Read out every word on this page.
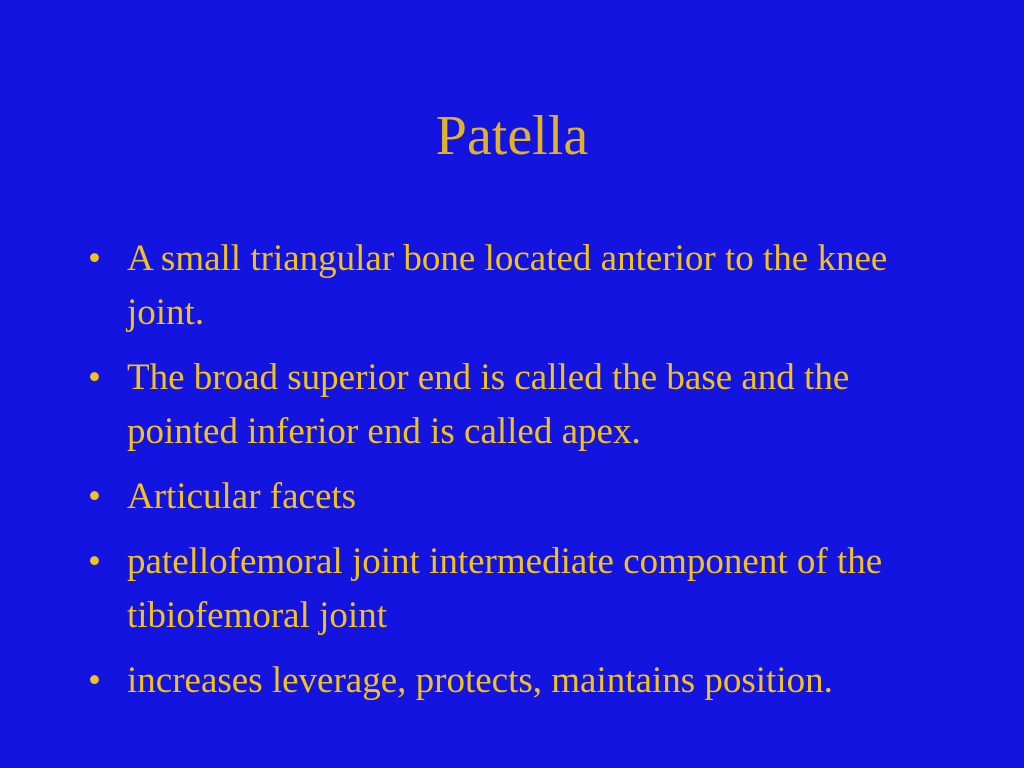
Patella
• A small triangular bone located anterior to the knee joint.
• The broad superior end is called the base and the pointed inferior end is called apex.
• Articular facets
• patellofemoral joint intermediate component of the tibiofemoral joint
• increases leverage, protects, maintains position.
